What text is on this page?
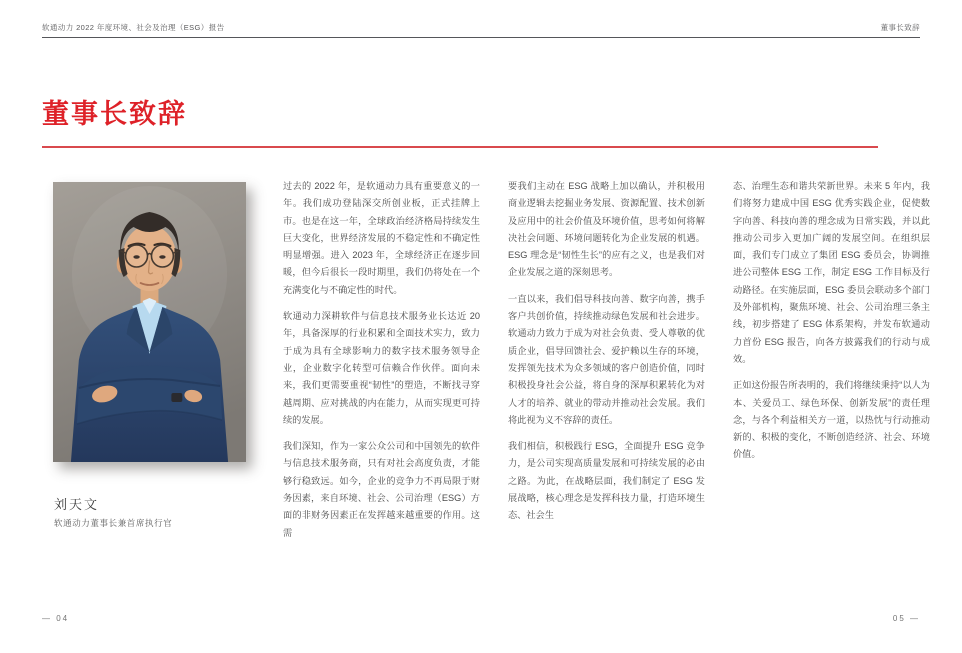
软通动力 2022 年度环境、社会及治理（ESG）报告	董事长致辞
董事长致辞
刘天文
软通动力董事长兼首席执行官

过去的 2022 年，是软通动力具有重要意义的一年。我们成功登陆深交所创业板，正式挂牌上市。也是在这一年，全球政治经济格局持续发生巨大变化，世界经济发展的不稳定性和不确定性明显增强。进入 2023 年，全球经济正在逐步回暖，但今后很长一段时期里，我们仍将处在一个充满变化与不确定性的时代。

软通动力深耕软件与信息技术服务业长达近 20 年，具备深厚的行业积累和全面技术实力，致力于成为具有全球影响力的数字技术服务领导企业，企业数字化转型可信赖合作伙伴。面向未来，我们更需要重视“韧性”的塑造，不断找寻穿越周期、应对挑战的内在能力，从而实现更可持续的发展。

我们深知，作为一家公众公司和中国领先的软件与信息技术服务商，只有对社会高度负责，才能够行稳致远。如今，企业的竞争力不再局限于财务因素，来自环境、社会、公司治理（ESG）方面的非财务因素正在发挥越来越重要的作用。这需

要我们主动在 ESG 战略上加以确认，并积极用商业逻辑去挖掘业务发展、资源配置、技术创新及应用中的社会价值及环境价值，思考如何将解决社会问题、环境问题转化为企业发展的机遇。ESG 理念是“韧性生长”的应有之义，也是我们对企业发展之道的深刻思考。

一直以来，我们倡导科技向善、数字向善，携手客户共创价值，持续推动绿色发展和社会进步。软通动力致力于成为对社会负责、受人尊敬的优质企业，倡导回馈社会、爱护赖以生存的环境，发挥领先技术为众多领域的客户创造价值，同时积极投身社会公益，将自身的深厚积累转化为对人才的培养、就业的带动并推动社会发展。我们将此视为义不容辞的责任。

我们相信，积极践行 ESG，全面提升 ESG 竞争力，是公司实现高质量发展和可持续发展的必由之路。为此，在战略层面，我们制定了 ESG 发展战略，核心理念是发挥科技力量，打造环境生态、社会生

态、治理生态和谐共荣新世界。未来 5 年内，我们将努力建成中国 ESG 优秀实践企业，促使数字向善、科技向善的理念成为日常实践，并以此推动公司步入更加广阔的发展空间。在组织层面，我们专门成立了集团 ESG 委员会，协调推进公司整体 ESG 工作，制定 ESG 工作目标及行动路径。在实施层面，ESG 委员会联动多个部门及外部机构，聚焦环境、社会、公司治理三条主线，初步搭建了 ESG 体系架构，并发布软通动力首份 ESG 报告，向各方披露我们的行动与成效。

正如这份报告所表明的，我们将继续秉持“以人为本、关爱员工、绿色环保、创新发展”的责任理念，与各个利益相关方一道，以热忱与行动推动新的、积极的变化，不断创造经济、社会、环境价值。

— 04	05 —
